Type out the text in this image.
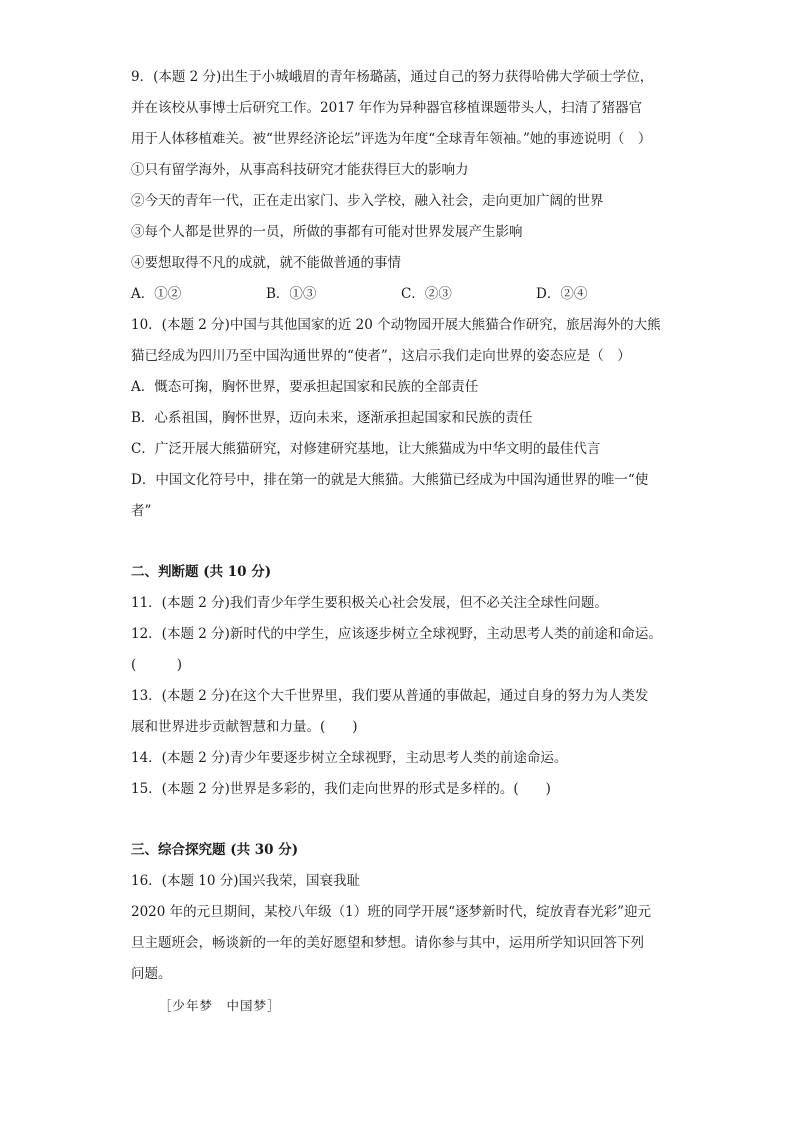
9．(本题 2 分)出生于小城峨眉的青年杨璐菡，通过自己的努力获得哈佛大学硕士学位，
并在该校从事博士后研究工作。2017 年作为异种器官移植课题带头人，扫清了猪器官
用于人体移植难关。被“世界经济论坛”评选为年度“全球青年领袖。”她的事迹说明（　）
①只有留学海外，从事高科技研究才能获得巨大的影响力
②今天的青年一代，正在走出家门、步入学校，融入社会，走向更加广阔的世界
③每个人都是世界的一员，所做的事都有可能对世界发展产生影响
④要想取得不凡的成就，就不能做普通的事情
A．①②	B．①③	C．②③	D．②④
10．(本题 2 分)中国与其他国家的近 20 个动物园开展大熊猫合作研究，旅居海外的大熊
猫已经成为四川乃至中国沟通世界的“使者”，这启示我们走向世界的姿态应是（　）
A．慨态可掬，胸怀世界，要承担起国家和民族的全部责任
B．心系祖国，胸怀世界，迈向未来，逐渐承担起国家和民族的责任
C．广泛开展大熊猫研究，对修建研究基地，让大熊猫成为中华文明的最佳代言
D．中国文化符号中，排在第一的就是大熊猫。大熊猫已经成为中国沟通世界的唯一“使
者”
二、判断题 (共 10 分)
11．(本题 2 分)我们青少年学生要积极关心社会发展，但不必关注全球性问题。
12．(本题 2 分)新时代的中学生，应该逐步树立全球视野，主动思考人类的前途和命运。
(　　　)
13．(本题 2 分)在这个大千世界里，我们要从普通的事做起，通过自身的努力为人类发
展和世界进步贡献智慧和力量。(　　)
14．(本题 2 分)青少年要逐步树立全球视野，主动思考人类的前途命运。
15．(本题 2 分)世界是多彩的，我们走向世界的形式是多样的。(　　)
三、综合探究题 (共 30 分)
16．(本题 10 分)国兴我荣，国衰我耻
2020 年的元旦期间，某校八年级（1）班的同学开展“逐梦新时代，绽放青春光彩”迎元
旦主题班会，畅谈新的一年的美好愿望和梦想。请你参与其中，运用所学知识回答下列
问题。
［少年梦　中国梦］
